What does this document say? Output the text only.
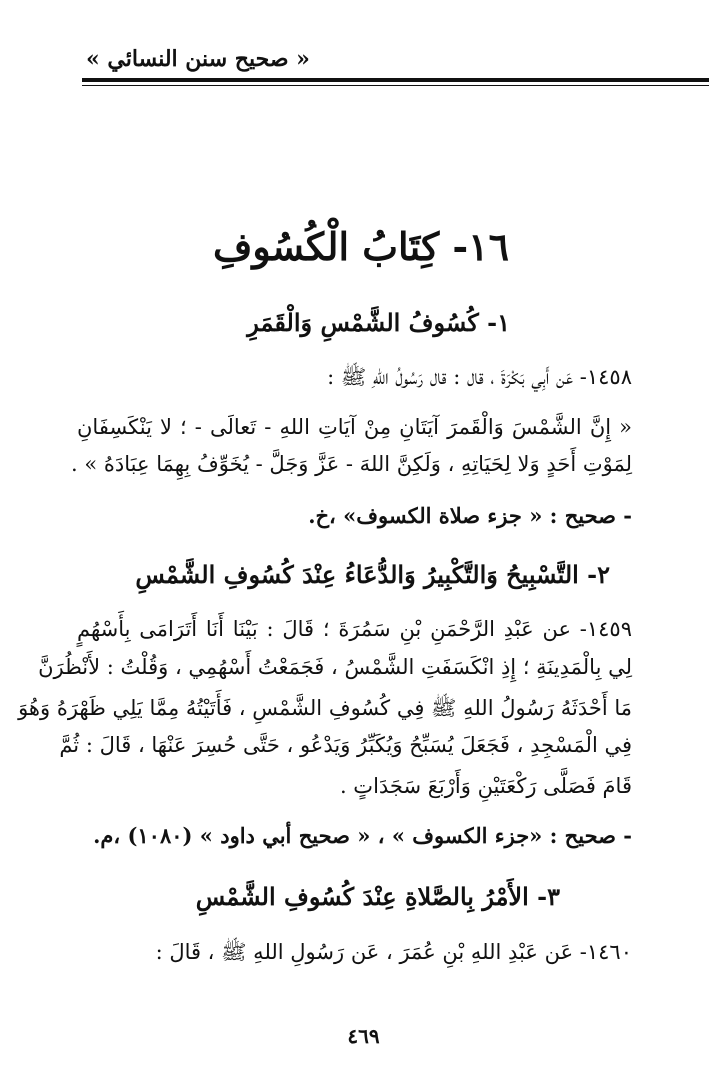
« صحيح سنن النسائي »
١٦- كِتَابُ الْكُسُوفِ
١- كُسُوفُ الشَّمْسِ وَالْقَمَرِ
١٤٥٨- عَن أَبِي بَكْرَةَ ، قال : قال رَسُولُ اللهِ ﷺ :
« إِنَّ الشَّمْسَ وَالْقَمرَ آيَتَانِ مِنْ آيَاتِ اللهِ - تَعالَى - ؛ لا يَنْكَسِفَانِ
لِمَوْتِ أَحَدٍ وَلا لِحَيَاتِهِ ، وَلَكِنَّ اللهَ - عَزَّ وَجَلَّ - يُخَوِّفُ بِهِمَا عِبَادَهُ » .
- صحيح : « جزء صلاة الكسوف» ،خ.
٢- التَّسْبِيحُ وَالتَّكْبِيرُ وَالدُّعَاءُ عِنْدَ كُسُوفِ الشَّمْسِ
١٤٥٩- عن عَبْدِ الرَّحْمَنِ بْنِ سَمُرَةَ ؛ قَالَ : بَيْنَا أَنَا أَتَرَامَى بِأَسْهُمٍ
لِي بِالْمَدِينَةِ ؛ إِذِ انْكَسَفَتِ الشَّمْسُ ، فَجَمَعْتُ أَسْهُمِي ، وَقُلْتُ : لأَنْظُرَنَّ
مَا أَحْدَثَهُ رَسُولُ اللهِ ﷺ فِي كُسُوفِ الشَّمْسِ ، فَأَتَيْتُهُ مِمَّا يَلِي ظَهْرَهُ وَهُوَ
فِي الْمَسْجِدِ ، فَجَعَلَ يُسَبِّحُ وَيُكَبِّرُ وَيَدْعُو ، حَتَّى حُسِرَ عَنْهَا ، قَالَ : ثُمَّ
قَامَ فَصَلَّى رَكْعَتَيْنِ وَأَرْبَعَ سَجَدَاتٍ .
- صحيح : «جزء الكسوف » ، « صحيح أبي داود » (١٠٨٠) ،م.
٣- الأَمْرُ بِالصَّلاةِ عِنْدَ كُسُوفِ الشَّمْسِ
١٤٦٠- عَن عَبْدِ اللهِ بْنِ عُمَرَ ، عَن رَسُولِ اللهِ ﷺ ، قَالَ :
٤٦٩
